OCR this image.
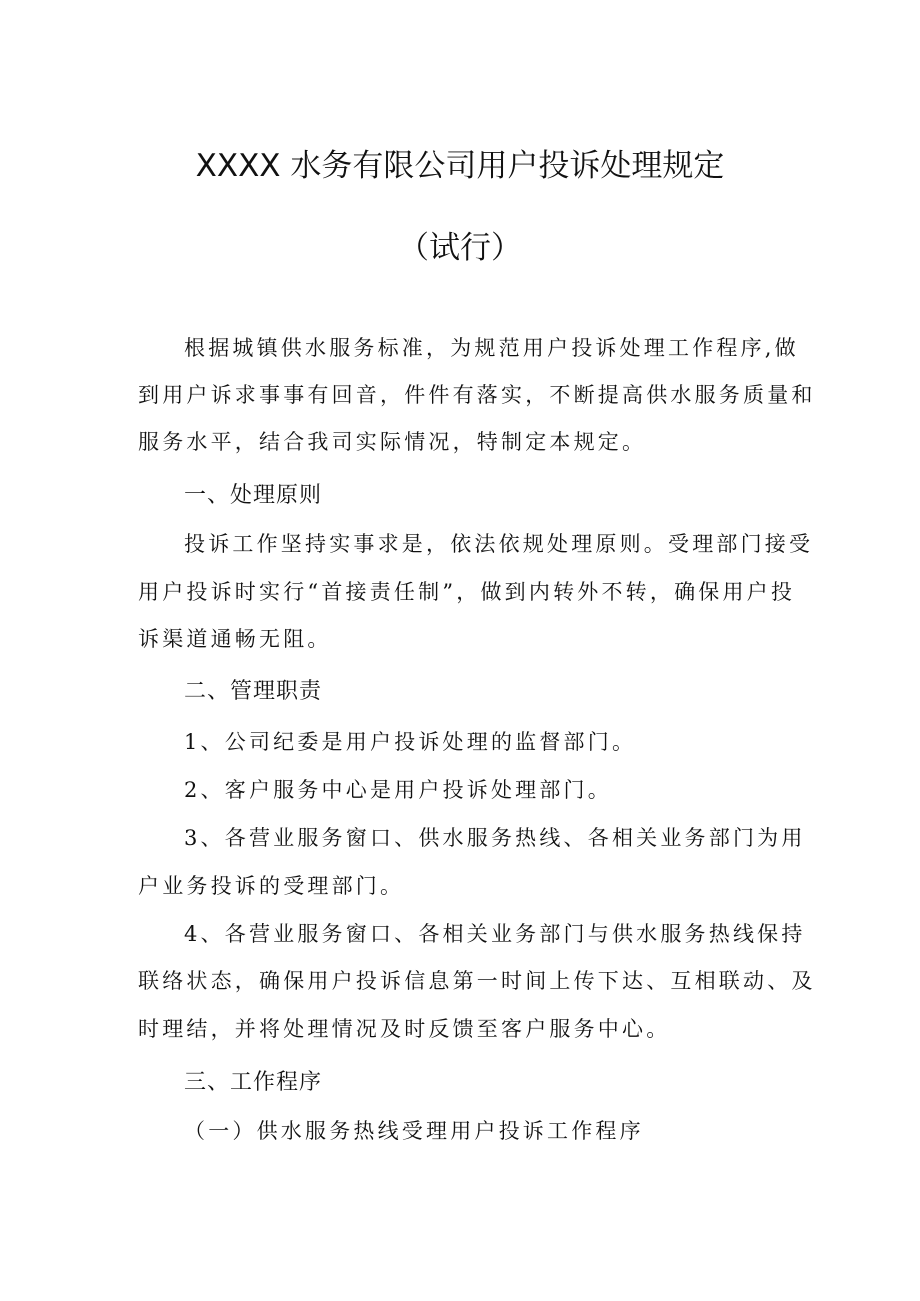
XXXX 水务有限公司用户投诉处理规定
（试行）
根据城镇供水服务标准，为规范用户投诉处理工作程序,做
到用户诉求事事有回音，件件有落实，不断提高供水服务质量和
服务水平，结合我司实际情况，特制定本规定。
一、处理原则
投诉工作坚持实事求是，依法依规处理原则。受理部门接受
用户投诉时实行“首接责任制”，做到内转外不转，确保用户投
诉渠道通畅无阻。
二、管理职责
1、公司纪委是用户投诉处理的监督部门。
2、客户服务中心是用户投诉处理部门。
3、各营业服务窗口、供水服务热线、各相关业务部门为用
户业务投诉的受理部门。
4、各营业服务窗口、各相关业务部门与供水服务热线保持
联络状态，确保用户投诉信息第一时间上传下达、互相联动、及
时理结，并将处理情况及时反馈至客户服务中心。
三、工作程序
（一）供水服务热线受理用户投诉工作程序
